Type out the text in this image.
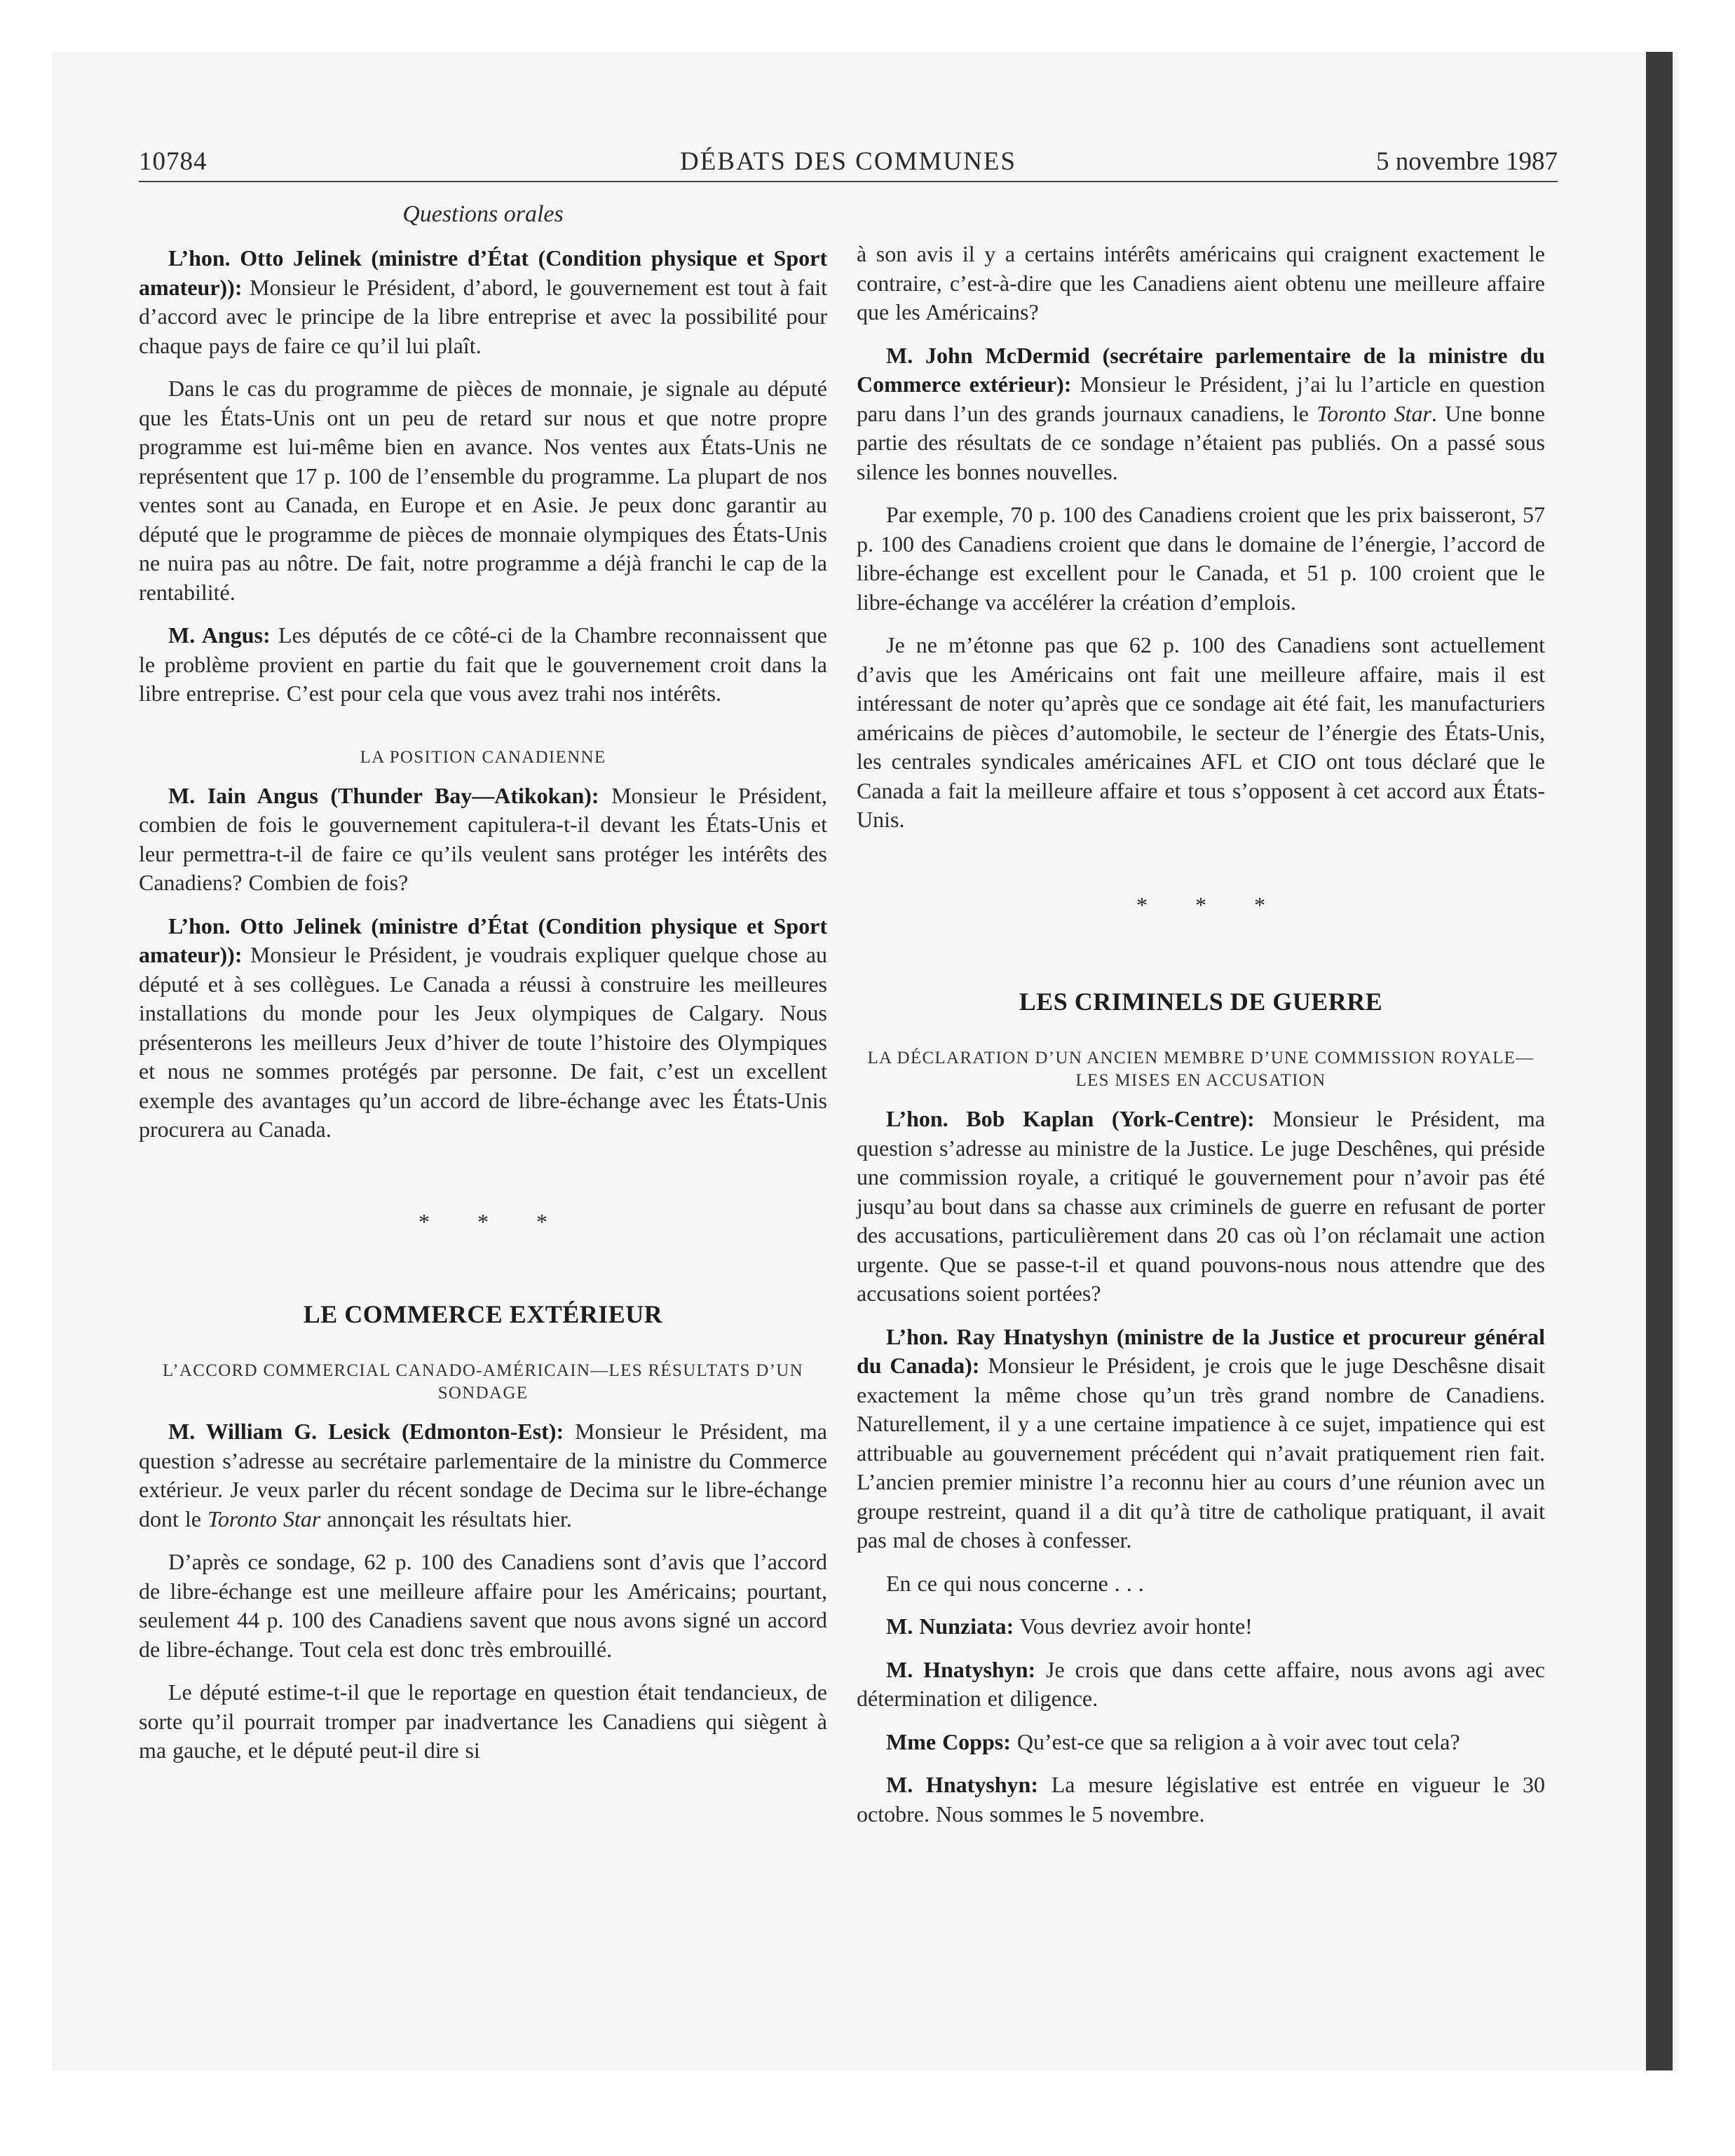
10784	DÉBATS DES COMMUNES	5 novembre 1987
Questions orales

L’hon. Otto Jelinek (ministre d’État (Condition physique et Sport amateur)): Monsieur le Président, d’abord, le gouvernement est tout à fait d’accord avec le principe de la libre entreprise et avec la possibilité pour chaque pays de faire ce qu’il lui plaît.

Dans le cas du programme de pièces de monnaie, je signale au député que les États-Unis ont un peu de retard sur nous et que notre propre programme est lui-même bien en avance. Nos ventes aux États-Unis ne représentent que 17 p. 100 de l’ensemble du programme. La plupart de nos ventes sont au Canada, en Europe et en Asie. Je peux donc garantir au député que le programme de pièces de monnaie olympiques des États-Unis ne nuira pas au nôtre. De fait, notre programme a déjà franchi le cap de la rentabilité.

M. Angus: Les députés de ce côté-ci de la Chambre reconnaissent que le problème provient en partie du fait que le gouvernement croit dans la libre entreprise. C’est pour cela que vous avez trahi nos intérêts.

LA POSITION CANADIENNE

M. Iain Angus (Thunder Bay—Atikokan): Monsieur le Président, combien de fois le gouvernement capitulera-t-il devant les États-Unis et leur permettra-t-il de faire ce qu’ils veulent sans protéger les intérêts des Canadiens? Combien de fois?

L’hon. Otto Jelinek (ministre d’État (Condition physique et Sport amateur)): Monsieur le Président, je voudrais expliquer quelque chose au député et à ses collègues. Le Canada a réussi à construire les meilleures installations du monde pour les Jeux olympiques de Calgary. Nous présenterons les meilleurs Jeux d’hiver de toute l’histoire des Olympiques et nous ne sommes protégés par personne. De fait, c’est un excellent exemple des avantages qu’un accord de libre-échange avec les États-Unis procurera au Canada.

* * *
LE COMMERCE EXTÉRIEUR
L’ACCORD COMMERCIAL CANADO-AMÉRICAIN—LES RÉSULTATS D’UN SONDAGE

M. William G. Lesick (Edmonton-Est): Monsieur le Président, ma question s’adresse au secrétaire parlementaire de la ministre du Commerce extérieur. Je veux parler du récent sondage de Decima sur le libre-échange dont le Toronto Star annonçait les résultats hier.

D’après ce sondage, 62 p. 100 des Canadiens sont d’avis que l’accord de libre-échange est une meilleure affaire pour les Américains; pourtant, seulement 44 p. 100 des Canadiens savent que nous avons signé un accord de libre-échange. Tout cela est donc très embrouillé.

Le député estime-t-il que le reportage en question était tendancieux, de sorte qu’il pourrait tromper par inadvertance les Canadiens qui siègent à ma gauche, et le député peut-il dire si

à son avis il y a certains intérêts américains qui craignent exactement le contraire, c’est-à-dire que les Canadiens aient obtenu une meilleure affaire que les Américains?

M. John McDermid (secrétaire parlementaire de la ministre du Commerce extérieur): Monsieur le Président, j’ai lu l’article en question paru dans l’un des grands journaux canadiens, le Toronto Star. Une bonne partie des résultats de ce sondage n’étaient pas publiés. On a passé sous silence les bonnes nouvelles.

Par exemple, 70 p. 100 des Canadiens croient que les prix baisseront, 57 p. 100 des Canadiens croient que dans le domaine de l’énergie, l’accord de libre-échange est excellent pour le Canada, et 51 p. 100 croient que le libre-échange va accélérer la création d’emplois.

Je ne m’étonne pas que 62 p. 100 des Canadiens sont actuellement d’avis que les Américains ont fait une meilleure affaire, mais il est intéressant de noter qu’après que ce sondage ait été fait, les manufacturiers américains de pièces d’automobile, le secteur de l’énergie des États-Unis, les centrales syndicales américaines AFL et CIO ont tous déclaré que le Canada a fait la meilleure affaire et tous s’opposent à cet accord aux États-Unis.

* * *
LES CRIMINELS DE GUERRE
LA DÉCLARATION D’UN ANCIEN MEMBRE D’UNE COMMISSION ROYALE—LES MISES EN ACCUSATION

L’hon. Bob Kaplan (York-Centre): Monsieur le Président, ma question s’adresse au ministre de la Justice. Le juge Deschênes, qui préside une commission royale, a critiqué le gouvernement pour n’avoir pas été jusqu’au bout dans sa chasse aux criminels de guerre en refusant de porter des accusations, particulièrement dans 20 cas où l’on réclamait une action urgente. Que se passe-t-il et quand pouvons-nous nous attendre que des accusations soient portées?

L’hon. Ray Hnatyshyn (ministre de la Justice et procureur général du Canada): Monsieur le Président, je crois que le juge Deschêsne disait exactement la même chose qu’un très grand nombre de Canadiens. Naturellement, il y a une certaine impatience à ce sujet, impatience qui est attribuable au gouvernement précédent qui n’avait pratiquement rien fait. L’ancien premier ministre l’a reconnu hier au cours d’une réunion avec un groupe restreint, quand il a dit qu’à titre de catholique pratiquant, il avait pas mal de choses à confesser.

En ce qui nous concerne . . .

M. Nunziata: Vous devriez avoir honte!

M. Hnatyshyn: Je crois que dans cette affaire, nous avons agi avec détermination et diligence.

Mme Copps: Qu’est-ce que sa religion a à voir avec tout cela?

M. Hnatyshyn: La mesure législative est entrée en vigueur le 30 octobre. Nous sommes le 5 novembre.
